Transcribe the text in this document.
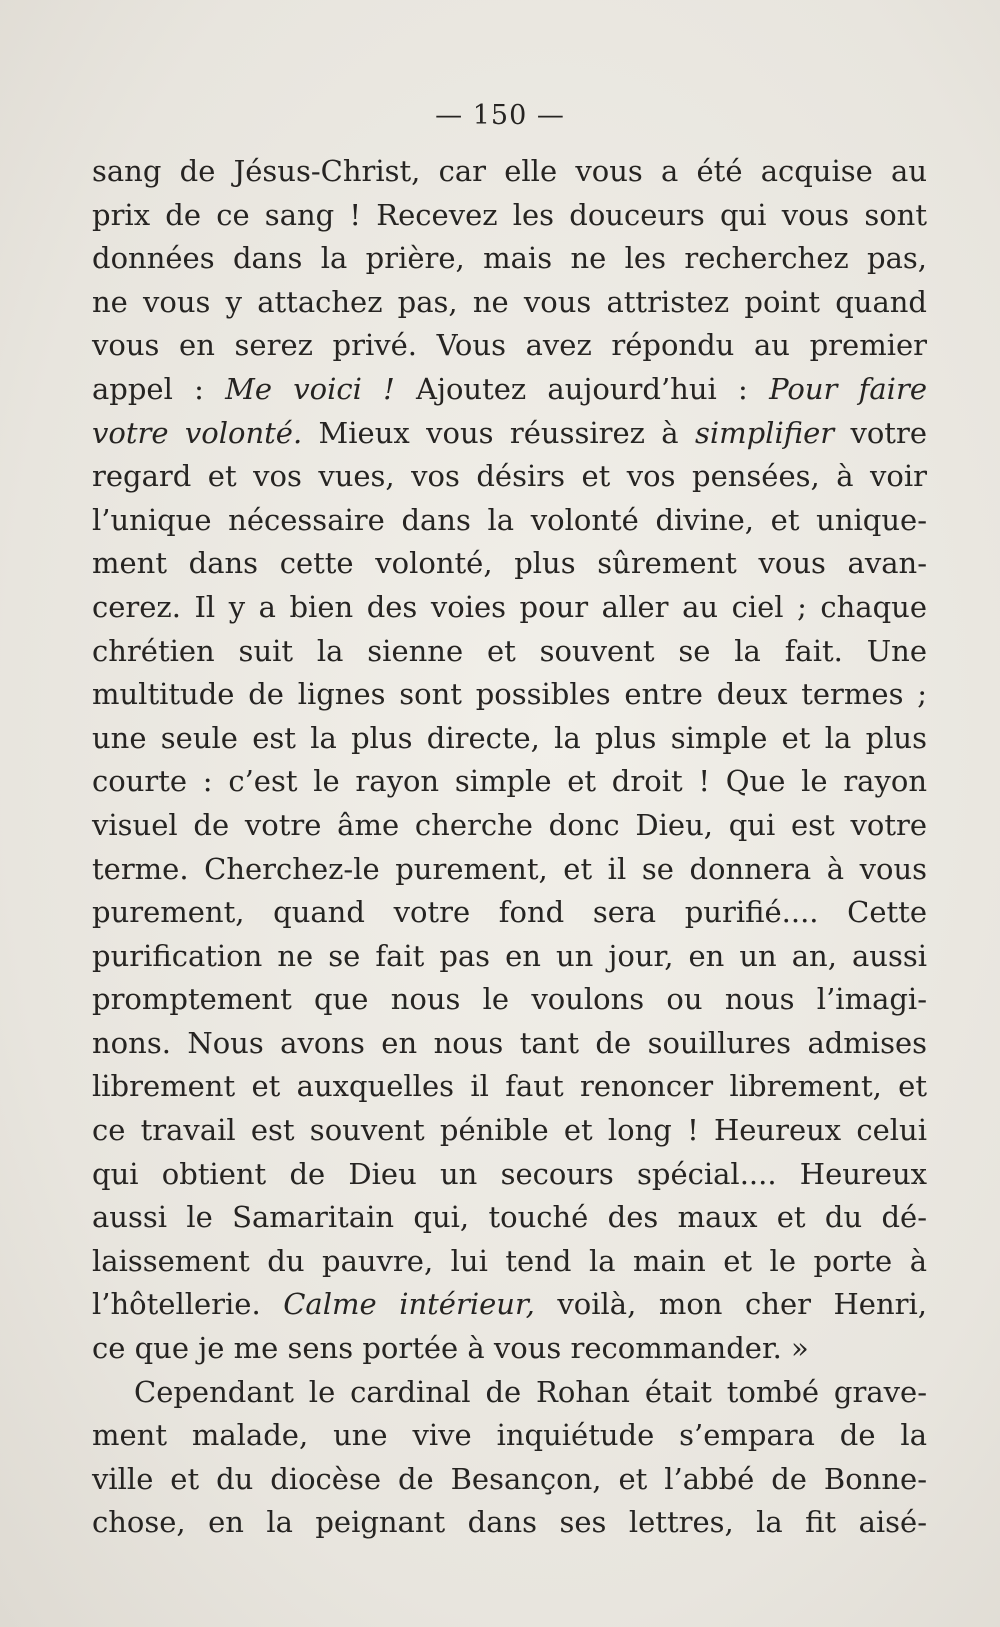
— 150 —
sang de Jésus-Christ, car elle vous a été acquise au
prix de ce sang ! Recevez les douceurs qui vous sont
données dans la prière, mais ne les recherchez pas,
ne vous y attachez pas, ne vous attristez point quand
vous en serez privé. Vous avez répondu au premier
appel : Me voici ! Ajoutez aujourd’hui : Pour faire
votre volonté. Mieux vous réussirez à simplifier votre
regard et vos vues, vos désirs et vos pensées, à voir
l’unique nécessaire dans la volonté divine, et unique-
ment dans cette volonté, plus sûrement vous avan-
cerez. Il y a bien des voies pour aller au ciel ; chaque
chrétien suit la sienne et souvent se la fait. Une
multitude de lignes sont possibles entre deux termes ;
une seule est la plus directe, la plus simple et la plus
courte : c’est le rayon simple et droit ! Que le rayon
visuel de votre âme cherche donc Dieu, qui est votre
terme. Cherchez-le purement, et il se donnera à vous
purement, quand votre fond sera purifié.... Cette
purification ne se fait pas en un jour, en un an, aussi
promptement que nous le voulons ou nous l’imagi-
nons. Nous avons en nous tant de souillures admises
librement et auxquelles il faut renoncer librement, et
ce travail est souvent pénible et long ! Heureux celui
qui obtient de Dieu un secours spécial.... Heureux
aussi le Samaritain qui, touché des maux et du dé-
laissement du pauvre, lui tend la main et le porte à
l’hôtellerie. Calme intérieur, voilà, mon cher Henri,
ce que je me sens portée à vous recommander. »
Cependant le cardinal de Rohan était tombé grave-
ment malade, une vive inquiétude s’empara de la
ville et du diocèse de Besançon, et l’abbé de Bonne-
chose, en la peignant dans ses lettres, la fit aisé-
